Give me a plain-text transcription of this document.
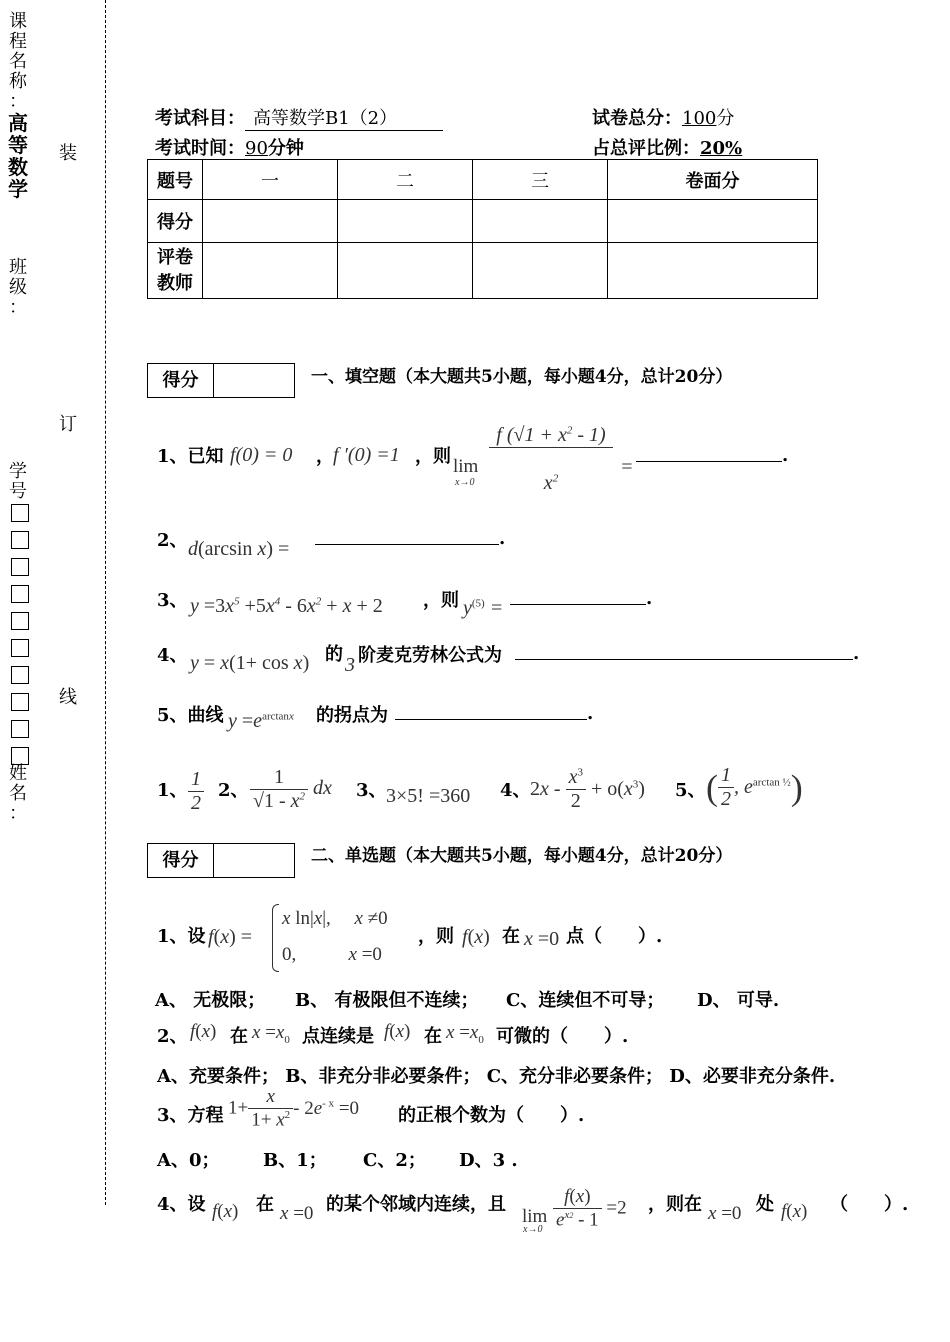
课
程
名
称
：
高
等
数
学
班
级
：
学
号
姓
名
：
装
订
线
考试科目： 高等数学B1（2）	试卷总分：100分
考试时间：90分钟	占总评比例：20%
题号	一	二	三	卷面分
得分				
评卷
教师				
得分	一、填空题（本大题共5小题，每小题4分，总计20分）
1、已知 f(0) = 0 ， f ′(0) =1 ，则 lim
x→0
f $(√1 + x^2 - 1)$
$x^2$
=
.
2、 d(arcsin x) =	.
3、 $y =3x^5 +5x^4 - 6x^2 + x + 2$ ，则 $y^{(5)}$ =	.
4、 y = x(1+ cos x) 的 3 阶麦克劳林公式为	.
5、曲线 $y =e^{arctanx}$ 的拐点为	.
1、 $\frac{1}{2} 2$、 $\frac{1}{√1 - x^2}$ dx 3、 3×5! =360 4、 $2x - \frac{x^3}{2} + o(x^3)$ 5、 ( $\frac{1}{2}$ , $e^{arctan \frac{1}{2}}$)
得分	二、单选题（本大题共5小题，每小题4分，总计20分）
1、设 f(x) =
x ln|x|,     x ≠0
0,           x =0
，则 f(x) 在 x =0 点（　　）.
A、 无极限； B、 有极限但不连续； C、连续但不可导； D、 可导.
2、 f(x) 在 $x =x_0$ 点连续是 f(x) 在 $x =x_0$ 可微的（　　）.
A、充要条件； B、非充分非必要条件； C、充分非必要条件； D、必要非充分条件.
3、方程 $1+ \frac{x}{1+ x^2} - 2e^{- x} =0$ 的正根个数为（　　）.
A、0； B、1； C、2； D、3 .
4、设 f(x) 在 x =0 的某个邻域内连续，且
lim
$x\to 0 \frac{f(x)}{e^{x2} - 1} =2$ ，则在 x =0 处 f(x) （　　）.
